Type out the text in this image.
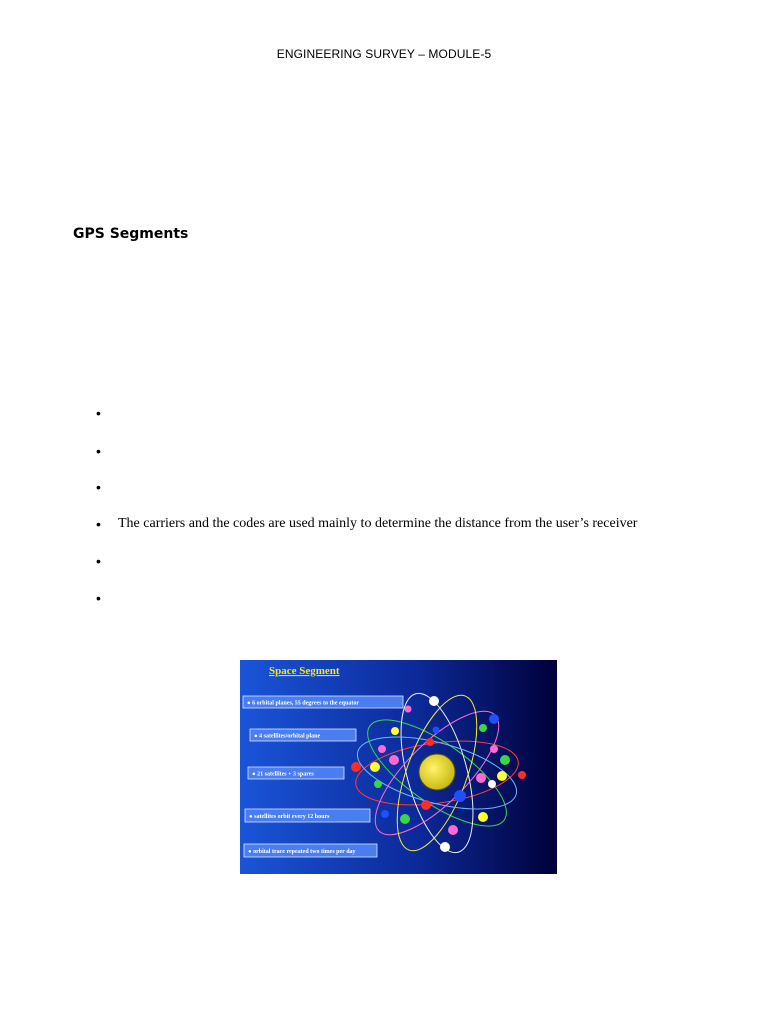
ENGINEERING SURVEY – MODULE-5
GPS Segments
•
•
•
• The carriers and the codes are used mainly to determine the distance from the user’s receiver
•
•
Space Segment
● 6 orbital planes, 55 degrees to the equator
● 4 satellites/orbital plane
● 21 satellites + 3 spares
● satellites orbit every 12 hours
● orbital trace repeated two times per day
